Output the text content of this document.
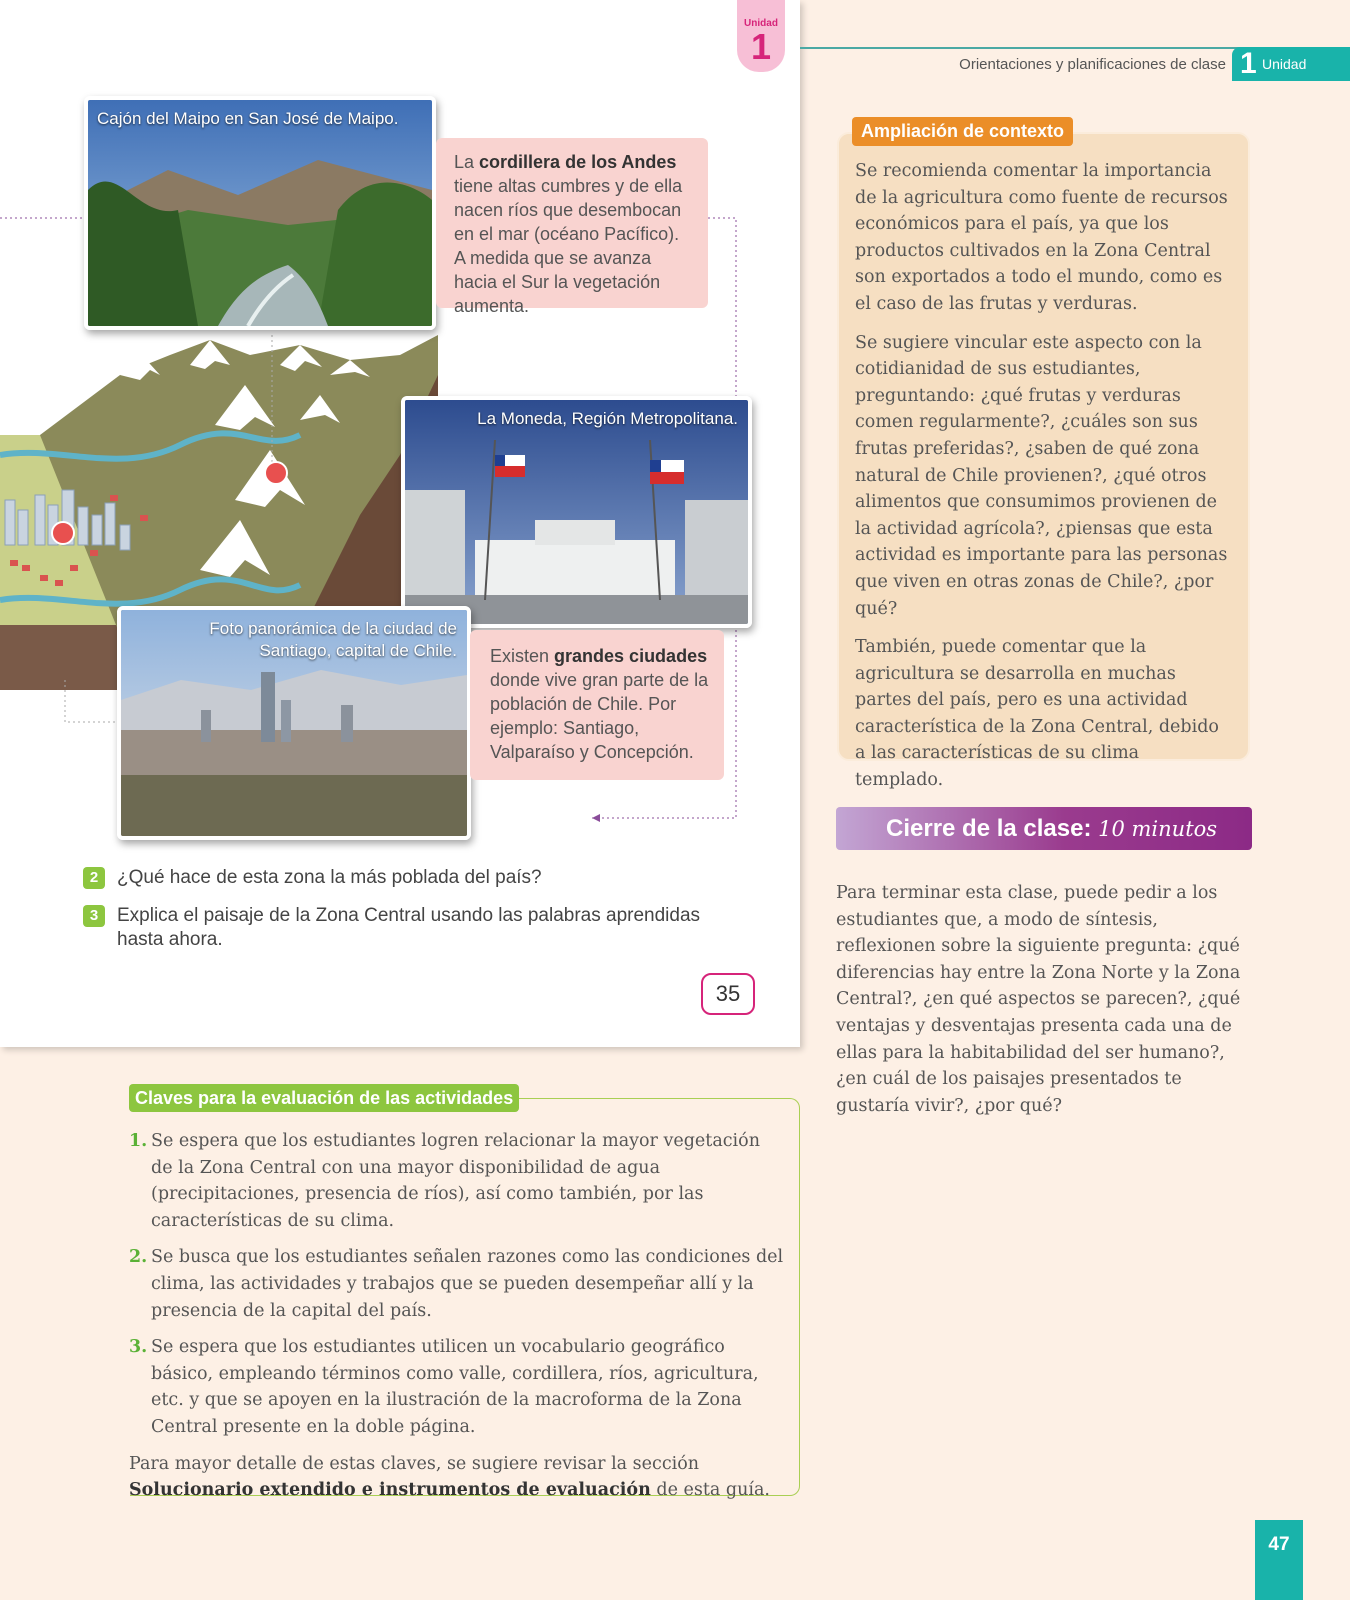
Unidad
1
Cajón del Maipo en San José de Maipo.
La cordillera de los Andes tiene altas cumbres y de ella nacen ríos que desembocan en el mar (océano Pacífico). A medida que se avanza hacia el Sur la vegetación aumenta.
La Moneda, Región Metropolitana.
Foto panorámica de la ciudad de
Santiago, capital de Chile.	Existen grandes ciudades donde vive gran parte de la población de Chile. Por ejemplo: Santiago, Valparaíso y Concepción.
2 ¿Qué hace de esta zona la más poblada del país?
3 Explica el paisaje de la Zona Central usando las palabras aprendidas hasta ahora.
35
Orientaciones y planificaciones de clase 1 Unidad

Se recomienda comentar la importancia de la agricultura como fuente de recursos económicos para el país, ya que los productos cultivados en la Zona Central son exportados a todo el mundo, como es el caso de las frutas y verduras.

Se sugiere vincular este aspecto con la cotidianidad de sus estudiantes, preguntando: ¿qué frutas y verduras comen regularmente?, ¿cuáles son sus frutas preferidas?, ¿saben de qué zona natural de Chile provienen?, ¿qué otros alimentos que consumimos provienen de la actividad agrícola?, ¿piensas que esta actividad es importante para las personas que viven en otras zonas de Chile?, ¿por qué?

También, puede comentar que la agricultura se desarrolla en muchas partes del país, pero es una actividad característica de la Zona Central, debido a las características de su clima templado.

Ampliación de contexto
Cierre de la clase: 10 minutos
Para terminar esta clase, puede pedir a los estudiantes que, a modo de síntesis, reflexionen sobre la siguiente pregunta: ¿qué diferencias hay entre la Zona Norte y la Zona Central?, ¿en qué aspectos se parecen?, ¿qué ventajas y desventajas presenta cada una de ellas para la habitabilidad del ser humano?, ¿en cuál de los paisajes presentados te gustaría vivir?, ¿por qué?
Claves para la evaluación de las actividades
1. Se espera que los estudiantes logren relacionar la mayor vegetación de la Zona Central con una mayor disponibilidad de agua (precipitaciones, presencia de ríos), así como también, por las características de su clima.
2. Se busca que los estudiantes señalen razones como las condiciones del clima, las actividades y trabajos que se pueden desempeñar allí y la presencia de la capital del país.
3. Se espera que los estudiantes utilicen un vocabulario geográfico básico, empleando términos como valle, cordillera, ríos, agricultura, etc. y que se apoyen en la ilustración de la macroforma de la Zona Central presente en la doble página.

Para mayor detalle de estas claves, se sugiere revisar la sección Solucionario extendido e instrumentos de evaluación de esta guía.

47
